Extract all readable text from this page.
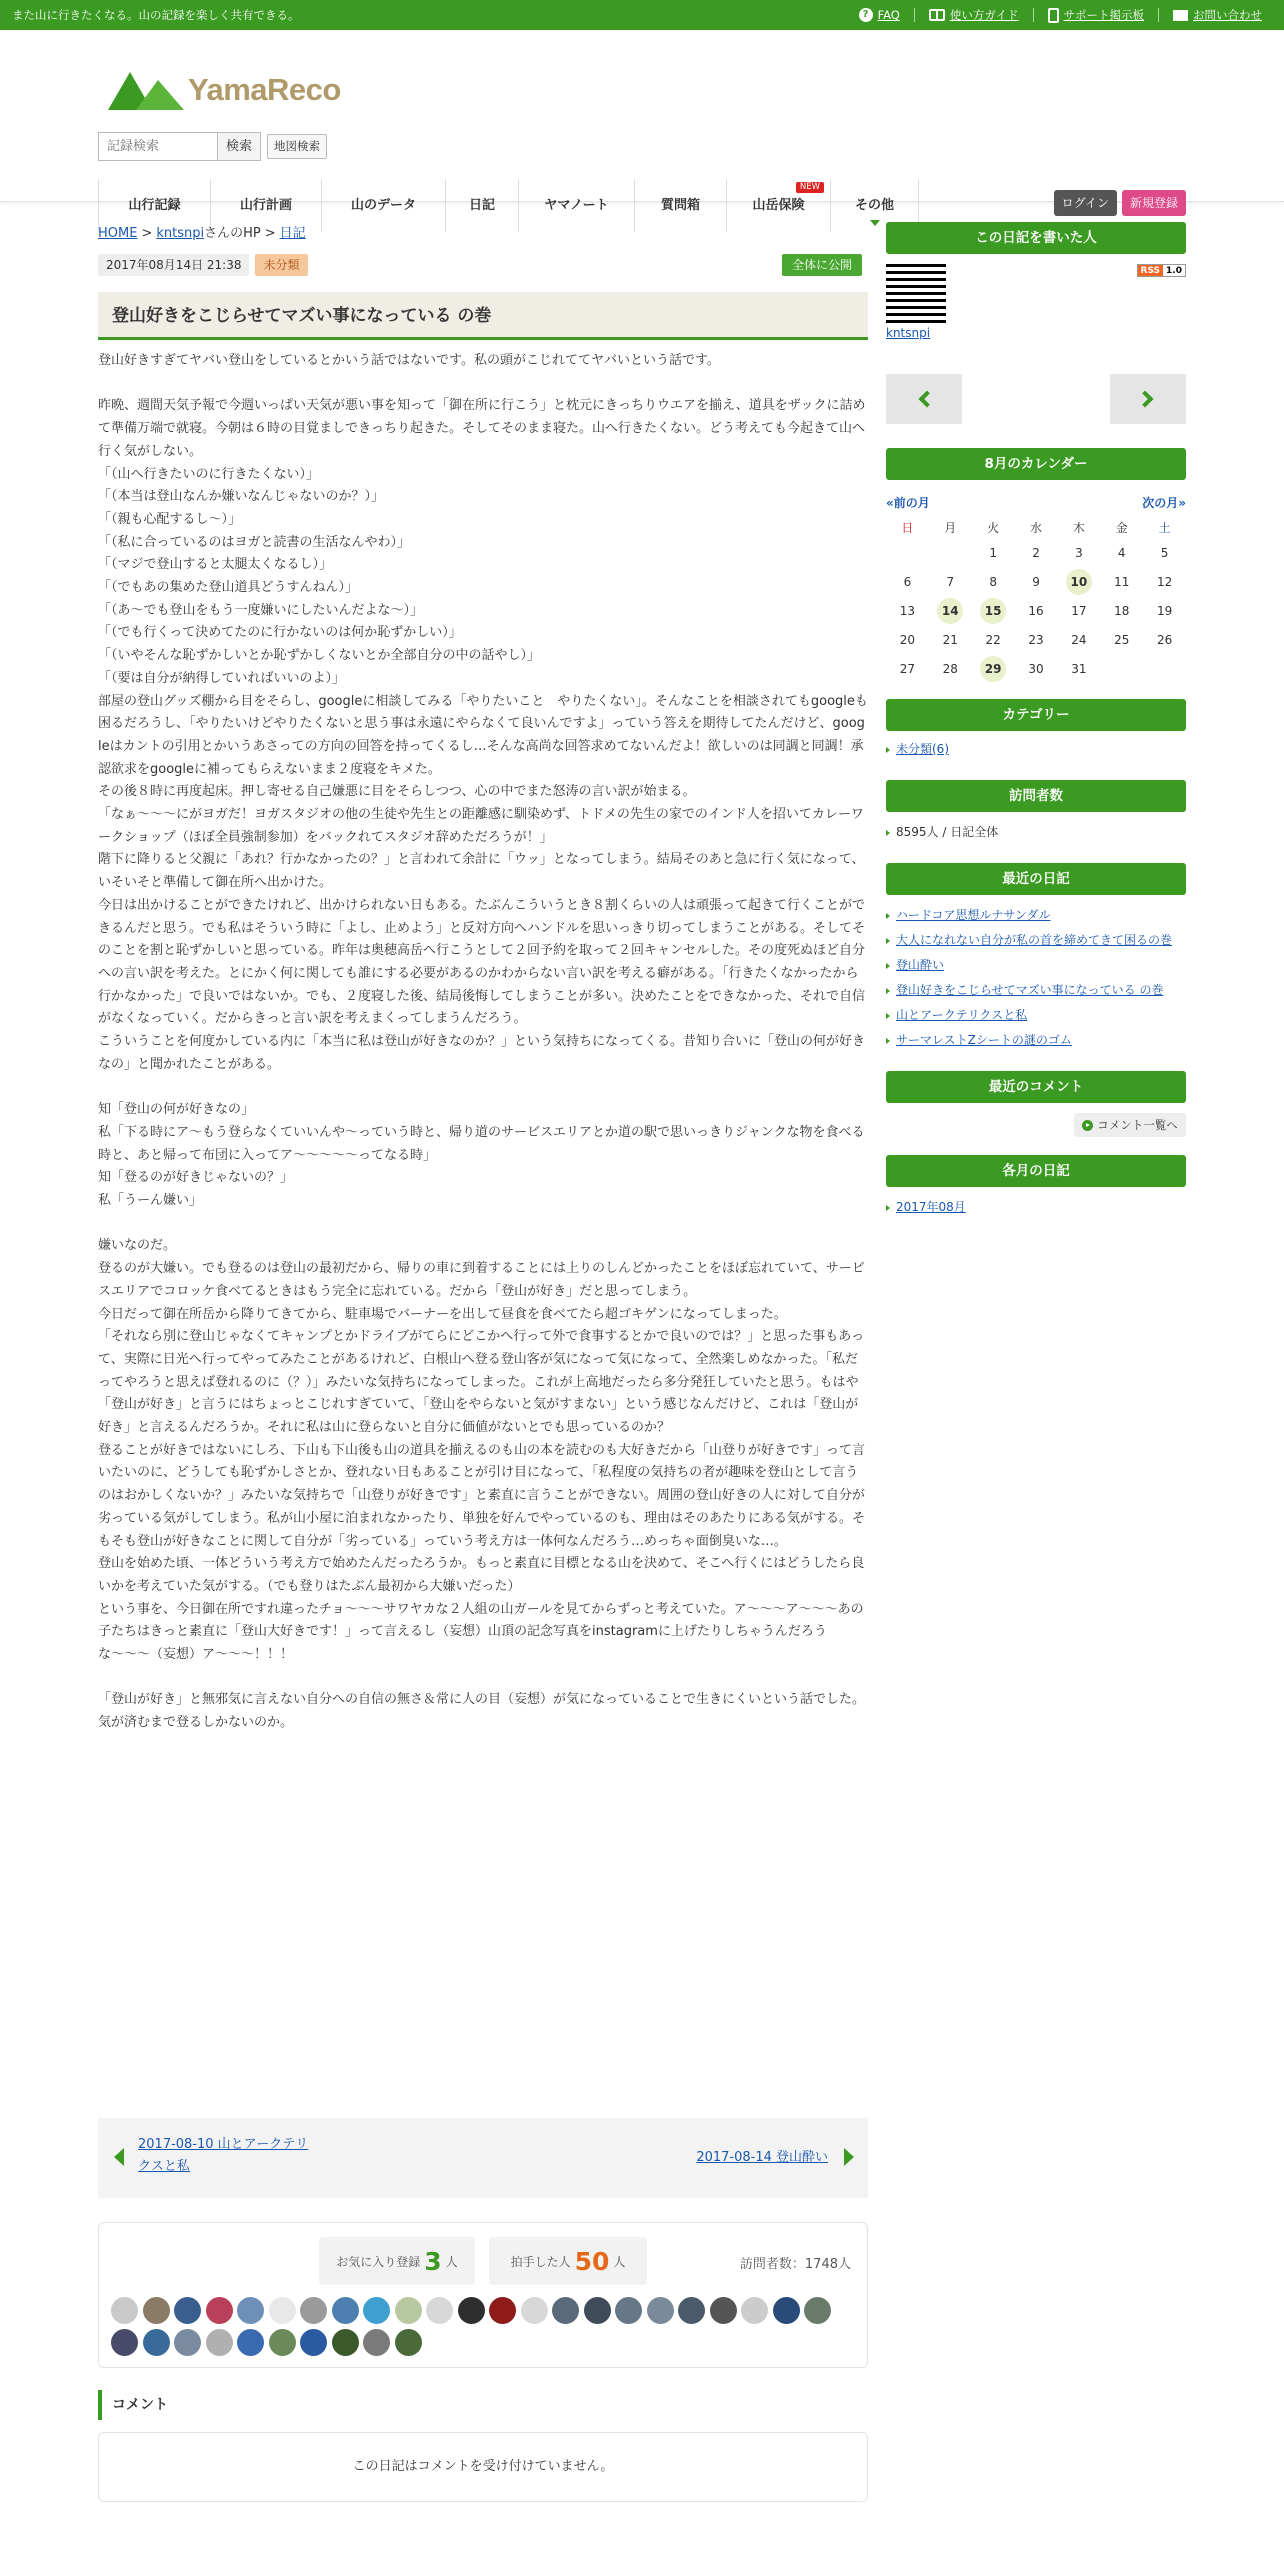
また山に行きたくなる。山の記録を楽しく共有できる。	? FAQ	使い方ガイド	サポート掲示板	お問い合わせ
YamaReco
記録検索
検索	地図検索
山行記録	山行計画	山のデータ	日記	ヤマノート	質問箱	山岳保険
NEW
その他	ログイン	新規登録
HOME > kntsnpiさんのHP > 日記
2017年08月14日 21:38 未分類	全体に公開
登山好きをこじらせてマズい事になっている の巻
登山好きすぎてヤバい登山をしているとかいう話ではないです。私の頭がこじれててヤバいという話です。

昨晩、週間天気予報で今週いっぱい天気が悪い事を知って「御在所に行こう」と枕元にきっちりウエアを揃え、道具をザックに詰めて準備万端で就寝。今朝は６時の目覚ましできっちり起きた。そしてそのまま寝た。山へ行きたくない。どう考えても今起きて山へ行く気がしない。
「（山へ行きたいのに行きたくない）」
「（本当は登山なんか嫌いなんじゃないのか？）」
「（親も心配するし〜）」
「（私に合っているのはヨガと読書の生活なんやわ）」
「（マジで登山すると太腿太くなるし）」
「（でもあの集めた登山道具どうすんねん）」
「（あ〜でも登山をもう一度嫌いにしたいんだよな〜）」
「（でも行くって決めてたのに行かないのは何か恥ずかしい）」
「（いやそんな恥ずかしいとか恥ずかしくないとか全部自分の中の話やし）」
「（要は自分が納得していればいいのよ）」
部屋の登山グッズ棚から目をそらし、googleに相談してみる「やりたいこと　やりたくない」。そんなことを相談されてもgoogleも困るだろうし、「やりたいけどやりたくないと思う事は永遠にやらなくて良いんですよ」っていう答えを期待してたんだけど、googleはカントの引用とかいうあさっての方向の回答を持ってくるし…そんな高尚な回答求めてないんだよ！欲しいのは同調と同調！承認欲求をgoogleに補ってもらえないまま２度寝をキメた。
その後８時に再度起床。押し寄せる自己嫌悪に目をそらしつつ、心の中でまた怒涛の言い訳が始まる。
「なぁ〜〜〜にがヨガだ！ヨガスタジオの他の生徒や先生との距離感に馴染めず、トドメの先生の家でのインド人を招いてカレーワークショップ（ほぼ全員強制参加）をバックれてスタジオ辞めただろうが！」
階下に降りると父親に「あれ？行かなかったの？」と言われて余計に「ウッ」となってしまう。結局そのあと急に行く気になって、いそいそと準備して御在所へ出かけた。
今日は出かけることができたけれど、出かけられない日もある。たぶんこういうとき８割くらいの人は頑張って起きて行くことができるんだと思う。でも私はそういう時に「よし、止めよう」と反対方向へハンドルを思いっきり切ってしまうことがある。そしてそのことを割と恥ずかしいと思っている。昨年は奥穂高岳へ行こうとして２回予約を取って２回キャンセルした。その度死ぬほど自分への言い訳を考えた。とにかく何に関しても誰にする必要があるのかわからない言い訳を考える癖がある。「行きたくなかったから行かなかった」で良いではないか。でも、２度寝した後、結局後悔してしまうことが多い。決めたことをできなかった、それで自信がなくなっていく。だからきっと言い訳を考えまくってしまうんだろう。
こういうことを何度かしている内に「本当に私は登山が好きなのか？」という気持ちになってくる。昔知り合いに「登山の何が好きなの」と聞かれたことがある。

知「登山の何が好きなの」
私「下る時にア〜もう登らなくていいんや〜っていう時と、帰り道のサービスエリアとか道の駅で思いっきりジャンクな物を食べる時と、あと帰って布団に入ってア〜〜〜〜〜ってなる時」
知「登るのが好きじゃないの？」
私「うーん嫌い」

嫌いなのだ。
登るのが大嫌い。でも登るのは登山の最初だから、帰りの車に到着することには上りのしんどかったことをほぼ忘れていて、サービスエリアでコロッケ食べてるときはもう完全に忘れている。だから「登山が好き」だと思ってしまう。
今日だって御在所岳から降りてきてから、駐車場でバーナーを出して昼食を食べてたら超ゴキゲンになってしまった。
「それなら別に登山じゃなくてキャンプとかドライブがてらにどこかへ行って外で食事するとかで良いのでは？」と思った事もあって、実際に日光へ行ってやってみたことがあるけれど、白根山へ登る登山客が気になって気になって、全然楽しめなかった。「私だってやろうと思えば登れるのに（？）」みたいな気持ちになってしまった。これが上高地だったら多分発狂していたと思う。もはや「登山が好き」と言うにはちょっとこじれすぎていて、「登山をやらないと気がすまない」という感じなんだけど、これは「登山が好き」と言えるんだろうか。それに私は山に登らないと自分に価値がないとでも思っているのか？
登ることが好きではないにしろ、下山も下山後も山の道具を揃えるのも山の本を読むのも大好きだから「山登りが好きです」って言いたいのに、どうしても恥ずかしさとか、登れない日もあることが引け目になって、「私程度の気持ちの者が趣味を登山として言うのはおかしくないか？」みたいな気持ちで「山登りが好きです」と素直に言うことができない。周囲の登山好きの人に対して自分が劣っている気がしてしまう。私が山小屋に泊まれなかったり、単独を好んでやっているのも、理由はそのあたりにある気がする。そもそも登山が好きなことに関して自分が「劣っている」っていう考え方は一体何なんだろう…めっちゃ面倒臭いな…。
登山を始めた頃、一体どういう考え方で始めたんだったろうか。もっと素直に目標となる山を決めて、そこへ行くにはどうしたら良いかを考えていた気がする。（でも登りはたぶん最初から大嫌いだった）
という事を、今日御在所ですれ違ったチョ〜〜〜サワヤカな２人組の山ガールを見てからずっと考えていた。ア〜〜〜ア〜〜〜あの子たちはきっと素直に「登山大好きです！」って言えるし（妄想）山頂の記念写真をinstagramに上げたりしちゃうんだろうな〜〜〜（妄想）ア〜〜〜！！！

「登山が好き」と無邪気に言えない自分への自信の無さ＆常に人の目（妄想）が気になっていることで生きにくいという話でした。気が済むまで登るしかないのか。
2017-08-10 山とアークテリクスと私
2017-08-14 登山酔い
お気に入り登録 3 人	拍手した人 50 人	訪問者数：1748人
コメント
この日記はコメントを受け付けていません。
この日記を書いた人
kntsnpi
RSS 1.0
8月のカレンダー
«前の月	次の月»
日	月	火	水	木	金	土
		1	2	3	4	5
6	7	8	9	10	11	12
13	14	15	16	17	18	19
20	21	22	23	24	25	26
27	28	29	30	31		
カテゴリー
未分類(6)
訪問者数
8595人 / 日記全体
最近の日記
ハードコア思想ルナサンダル
大人になれない自分が私の首を締めてきて困るの巻
登山酔い
登山好きをこじらせてマズい事になっている の巻
山とアークテリクスと私
サーマレストZシートの謎のゴム
最近のコメント
コメント一覧へ
各月の日記
2017年08月
